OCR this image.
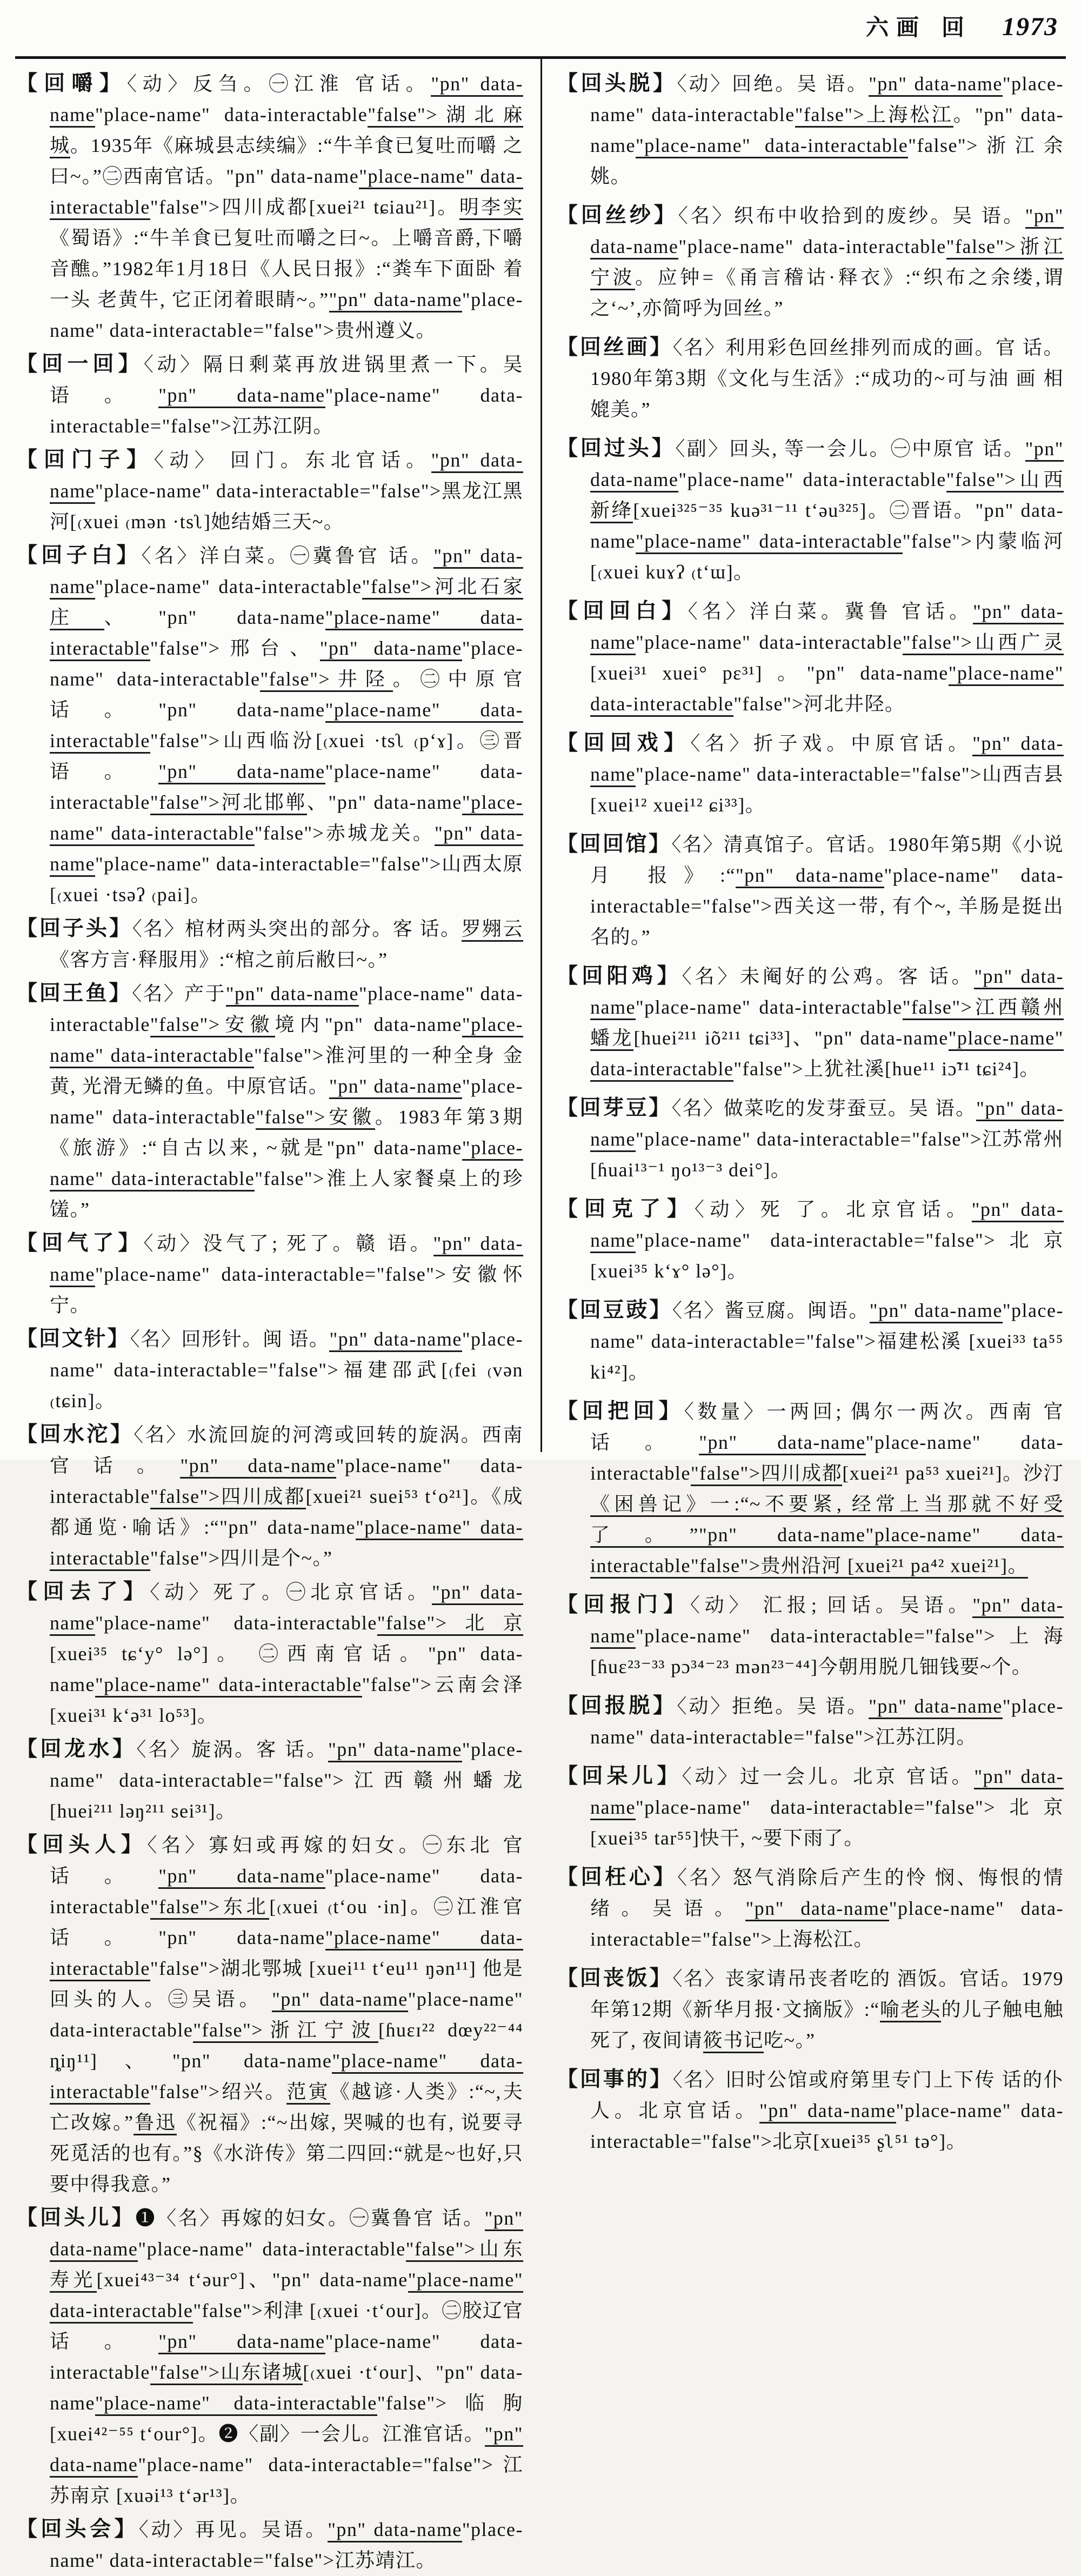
六画 回 1973

【回嚼】〈动〉反刍。㊀江淮 官话。"pn" data-name"place-name" data-interactable"false">湖北麻城。1935年《麻城县志续编》:“牛羊食已复吐而嚼 之曰~。”㊁西南官话。"pn" data-name"place-name" data-interactable"false">四川成都[xuei²¹ tɕiau²¹]。明李实《蜀语》:“牛羊食已复吐而嚼之曰~。上嚼音爵,下嚼音醮。”1982年1月18日《人民日报》:“粪车下面卧 着一头 老黄牛, 它正闭着眼睛~。”"pn" data-name"place-name" data-interactable="false">贵州遵义。

【回一回】〈动〉隔日剩菜再放进锅里煮一下。吴 语。"pn" data-name"place-name" data-interactable="false">江苏江阴。

【回门子】〈动〉 回门。东北官话。"pn" data-name"place-name" data-interactable="false">黑龙江黑河[₍xuei ₍mən ·tsʅ]她结婚三天~。

【回子白】〈名〉洋白菜。㊀冀鲁官 话。"pn" data-name"place-name" data-interactable"false">河北石家庄、"pn" data-name"place-name" data-interactable"false">邢台、"pn" data-name"place-name" data-interactable"false">井陉。㊁中原官话。"pn" data-name"place-name" data-interactable"false">山西临汾[₍xuei ·tsʅ ₍p‘ɤ]。㊂晋语。"pn" data-name"place-name" data-interactable"false">河北邯郸、"pn" data-name"place-name" data-interactable"false">赤城龙关。"pn" data-name"place-name" data-interactable="false">山西太原[₍xuei ·tsəʔ ₍pai]。

【回子头】〈名〉棺材两头突出的部分。客 话。罗翙云《客方言·释服用》:“棺之前后敝曰~。”

【回王鱼】〈名〉产于"pn" data-name"place-name" data-interactable"false">安徽境内"pn" data-name"place-name" data-interactable"false">淮河里的一种全身 金黄, 光滑无鳞的鱼。中原官话。"pn" data-name"place-name" data-interactable"false">安徽。1983年第3期《旅游》:“自古以来, ~就是"pn" data-name"place-name" data-interactable"false">淮上人家餐桌上的珍馐。”

【回气了】〈动〉没气了; 死了。赣 语。"pn" data-name"place-name" data-interactable="false">安徽怀宁。

【回文针】〈名〉回形针。闽 语。"pn" data-name"place-name" data-interactable="false">福建邵武[₍fei ₍vən ₍tɕin]。

【回水沱】〈名〉水流回旋的河湾或回转的旋涡。西南官话。"pn" data-name"place-name" data-interactable"false">四川成都[xuei²¹ suei⁵³ t‘o²¹]。《成都通览·喻话》:“"pn" data-name"place-name" data-interactable"false">四川是个~。”

【回去了】〈动〉死了。㊀北京官话。"pn" data-name"place-name" data-interactable"false">北京[xuei³⁵ tɕ‘y° lə°]。 ㊁西南官话。"pn" data-name"place-name" data-interactable"false">云南会泽 [xuei³¹ k‘ə³¹ lo⁵³]。

【回龙水】〈名〉旋涡。客 话。"pn" data-name"place-name" data-interactable="false">江西赣州蟠龙 [huei²¹¹ ləŋ²¹¹ sei³¹]。

【回头人】〈名〉寡妇或再嫁的妇女。㊀东北 官话。"pn" data-name"place-name" data-interactable"false">东北[₍xuei ₍t‘ou ·in]。㊁江淮官话。"pn" data-name"place-name" data-interactable"false">湖北鄂城 [xuei¹¹ t‘eu¹¹ ŋən¹¹] 他是回头的人。㊂吴语。 "pn" data-name"place-name" data-interactable"false">浙江宁波[ɦuɛɪ²² dœy²²⁻⁴⁴ ȵiŋ¹¹]、"pn" data-name"place-name" data-interactable"false">绍兴。范寅《越谚·人类》:“~,夫亡改嫁。”鲁迅《祝福》:“~出嫁, 哭喊的也有, 说要寻死觅活的也有。”§《水浒传》第二四回:“就是~也好,只要中得我意。”

【回头儿】❶〈名〉再嫁的妇女。㊀冀鲁官 话。"pn" data-name"place-name" data-interactable"false">山东寿光[xuei⁴³⁻³⁴ t‘əur°]、"pn" data-name"place-name" data-interactable"false">利津 [₍xuei ·t‘our]。㊁胶辽官话。"pn" data-name"place-name" data-interactable"false">山东诸城[₍xuei ·t‘our]、"pn" data-name"place-name" data-interactable"false">临朐[xuei⁴²⁻⁵⁵ t‘our°]。❷〈副〉一会儿。江淮官话。"pn" data-name"place-name" data-interactable="false">江苏南京 [xuəi¹³ t‘ər¹³]。

【回头会】〈动〉再见。吴语。"pn" data-name"place-name" data-interactable="false">江苏靖江。

【回头脱】〈动〉回绝。吴 语。"pn" data-name"place-name" data-interactable"false">上海松江。"pn" data-name"place-name" data-interactable"false">浙江余姚。

【回丝纱】〈名〉织布中收拾到的废纱。吴 语。"pn" data-name"place-name" data-interactable"false">浙江宁波。应钟=《甬言稽诂·释衣》:“织布之余缕,谓之‘~’,亦简呼为回丝。”

【回丝画】〈名〉利用彩色回丝排列而成的画。官 话。1980年第3期《文化与生活》:“成功的~可与油 画 相媲美。”

【回过头】〈副〉回头, 等一会儿。㊀中原官 话。"pn" data-name"place-name" data-interactable"false">山西新绛[xuei³²⁵⁻³⁵ kuə³¹⁻¹¹ t‘əu³²⁵]。㊁晋语。"pn" data-name"place-name" data-interactable"false">内蒙临河[₍xuei kuɤʔ ₍t‘ɯ]。

【回回白】〈名〉洋白菜。冀鲁 官话。"pn" data-name"place-name" data-interactable"false">山西广灵 [xuei³¹ xuei° pɛ³¹] 。"pn" data-name"place-name" data-interactable"false">河北井陉。

【回回戏】〈名〉折子戏。中原官话。"pn" data-name"place-name" data-interactable="false">山西吉县 [xuei¹² xuei¹² ɕi³³]。

【回回馆】〈名〉清真馆子。官话。1980年第5期《小说月 报》:“"pn" data-name"place-name" data-interactable="false">西关这一带, 有个~, 羊肠是挺出名的。”

【回阳鸡】〈名〉未阉好的公鸡。客 话。"pn" data-name"place-name" data-interactable"false">江西赣州蟠龙[huei²¹¹ iõ²¹¹ tɕi³³]、"pn" data-name"place-name" data-interactable"false">上犹社溪[hue¹¹ iɔ̃¹¹ tɕi²⁴]。

【回芽豆】〈名〉做菜吃的发芽蚕豆。吴 语。"pn" data-name"place-name" data-interactable="false">江苏常州[ɦuai¹³⁻¹ ŋo¹³⁻³ dei°]。

【回克了】〈动〉死 了。北京官话。"pn" data-name"place-name" data-interactable="false">北京[xuei³⁵ k‘ɤ° lə°]。

【回豆豉】〈名〉酱豆腐。闽语。"pn" data-name"place-name" data-interactable="false">福建松溪 [xuei³³ ta⁵⁵ ki⁴²]。

【回把回】〈数量〉一两回; 偶尔一两次。西南 官话。"pn" data-name"place-name" data-interactable"false">四川成都[xuei²¹ pa⁵³ xuei²¹]。沙汀《困兽记》一:“~不要紧, 经常上当那就不好受了。”"pn" data-name"place-name" data-interactable"false">贵州沿河 [xuei²¹ pa⁴² xuei²¹]。

【回报门】〈动〉 汇报; 回话。吴语。"pn" data-name"place-name" data-interactable="false">上海 [ɦuɛ²³⁻³³ pɔ³⁴⁻²³ mən²³⁻⁴⁴]今朝用脱几钿钱要~个。

【回报脱】〈动〉拒绝。吴 语。"pn" data-name"place-name" data-interactable="false">江苏江阴。

【回呆儿】〈动〉过一会儿。北京 官话。"pn" data-name"place-name" data-interactable="false">北京 [xuei³⁵ tar⁵⁵]快干, ~要下雨了。

【回枉心】〈名〉怒气消除后产生的怜 悯、悔恨的情绪。吴语。"pn" data-name"place-name" data-interactable="false">上海松江。

【回丧饭】〈名〉丧家请吊丧者吃的 酒饭。官话。1979年第12期《新华月报·文摘版》:“喻老头的儿子触电触死了, 夜间请筱书记吃~。”

【回事的】〈名〉旧时公馆或府第里专门上下传 话的仆人。北京官话。"pn" data-name"place-name" data-interactable="false">北京[xuei³⁵ ʂʅ⁵¹ tə°]。
